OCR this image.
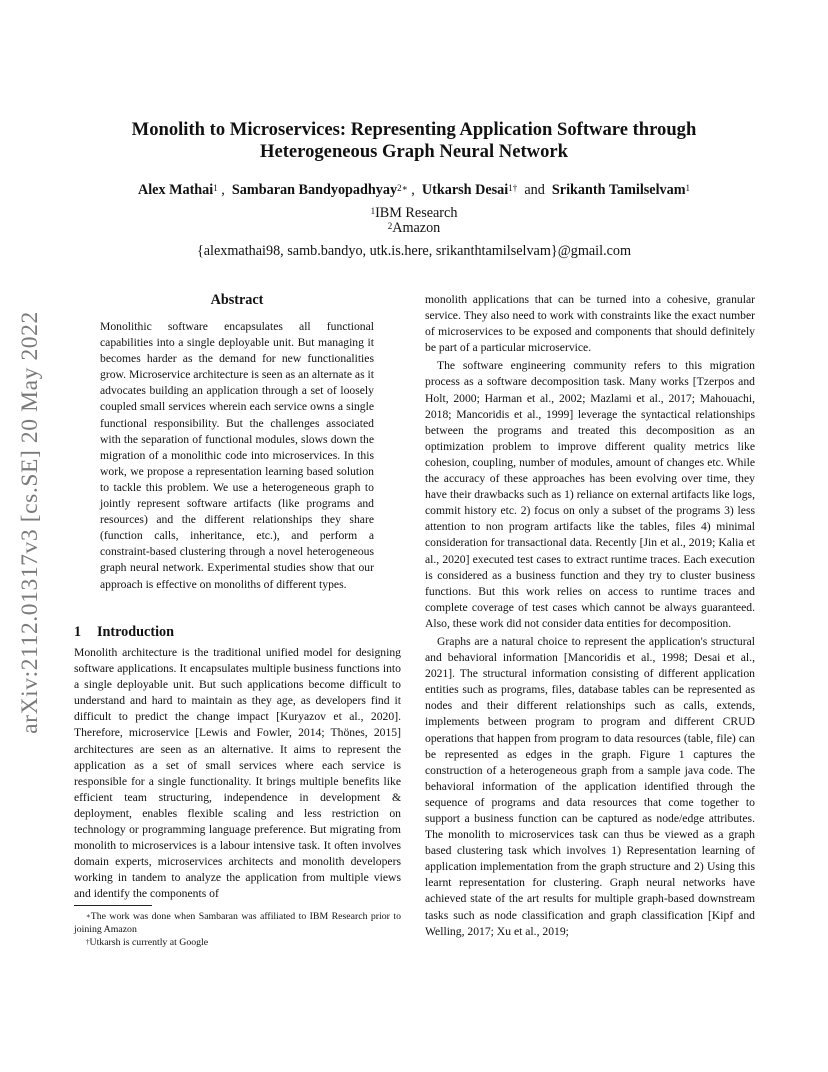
arXiv:2112.01317v3 [cs.SE] 20 May 2022
Monolith to Microservices: Representing Application Software through
Heterogeneous Graph Neural Network
Alex Mathai$^1$ ,  Sambaran Bandyopadhyay$^{2∗}$ ,  Utkarsh Desai$^{1\dagger}$ and Srikanth Tamilselvam$^1$
$^1$IBM Research
$^2$Amazon
{alexmathai98, samb.bandyo, utk.is.here, srikanthtamilselvam}@gmail.com
Abstract

Monolithic software encapsulates all functional capabilities into a single deployable unit. But managing it becomes harder as the demand for new functionalities grow. Microservice architecture is seen as an alternate as it advocates building an application through a set of loosely coupled small services wherein each service owns a single functional responsibility. But the challenges associated with the separation of functional modules, slows down the migration of a monolithic code into microservices. In this work, we propose a representation learning based solution to tackle this problem. We use a heterogeneous graph to jointly represent software artifacts (like programs and resources) and the different relationships they share (function calls, inheritance, etc.), and perform a constraint-based clustering through a novel heterogeneous graph neural network. Experimental studies show that our approach is effective on monoliths of different types.

1 Introduction

Monolith architecture is the traditional unified model for designing software applications. It encapsulates multiple business functions into a single deployable unit. But such applications become difficult to understand and hard to maintain as they age, as developers find it difficult to predict the change impact [Kuryazov et al., 2020]. Therefore, microservice [Lewis and Fowler, 2014; Thönes, 2015] architectures are seen as an alternative. It aims to represent the application as a set of small services where each service is responsible for a single functionality. It brings multiple benefits like efficient team structuring, independence in development & deployment, enables flexible scaling and less restriction on technology or programming language preference. But migrating from monolith to microservices is a labour intensive task. It often involves domain experts, microservices architects and monolith developers working in tandem to analyze the application from multiple views and identify the components of

monolith applications that can be turned into a cohesive, granular service. They also need to work with constraints like the exact number of microservices to be exposed and components that should definitely be part of a particular microservice.

The software engineering community refers to this migration process as a software decomposition task. Many works [Tzerpos and Holt, 2000; Harman et al., 2002; Mazlami et al., 2017; Mahouachi, 2018; Mancoridis et al., 1999] leverage the syntactical relationships between the programs and treated this decomposition as an optimization problem to improve different quality metrics like cohesion, coupling, number of modules, amount of changes etc. While the accuracy of these approaches has been evolving over time, they have their drawbacks such as 1) reliance on external artifacts like logs, commit history etc. 2) focus on only a subset of the programs 3) less attention to non program artifacts like the tables, files 4) minimal consideration for transactional data. Recently [Jin et al., 2019; Kalia et al., 2020] executed test cases to extract runtime traces. Each execution is considered as a business function and they try to cluster business functions. But this work relies on access to runtime traces and complete coverage of test cases which cannot be always guaranteed. Also, these work did not consider data entities for decomposition.

Graphs are a natural choice to represent the application's structural and behavioral information [Mancoridis et al., 1998; Desai et al., 2021]. The structural information consisting of different application entities such as programs, files, database tables can be represented as nodes and their different relationships such as calls, extends, implements between program to program and different CRUD operations that happen from program to data resources (table, file) can be represented as edges in the graph. Figure 1 captures the construction of a heterogeneous graph from a sample java code. The behavioral information of the application identified through the sequence of programs and data resources that come together to support a business function can be captured as node/edge attributes. The monolith to microservices task can thus be viewed as a graph based clustering task which involves 1) Representation learning of application implementation from the graph structure and 2) Using this learnt representation for clustering. Graph neural networks have achieved state of the art results for multiple graph-based downstream tasks such as node classification and graph classification [Kipf and Welling, 2017; Xu et al., 2019;

∗The work was done when Sambaran was affiliated to IBM Research prior to joining Amazon

†Utkarsh is currently at Google
